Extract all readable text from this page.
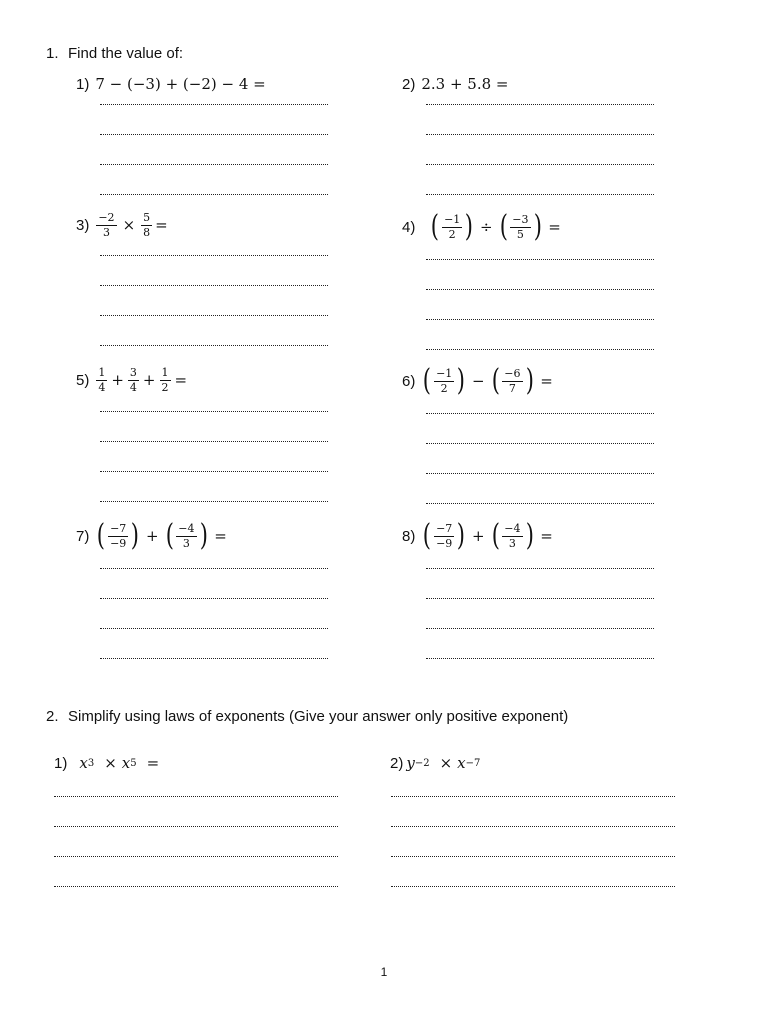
1. Find the value of:
1) 7 − (−3) + (−2) − 4 =	2) 2.3 + 5.8 =
$3) \frac{-2}{3} \times \frac{5}{8}$ =	4) ( $\frac{-1}{2}$ ) ÷ ( $\frac{-3}{5}$ ) =
$5) \frac{1}{4} + \frac{3}{4} + \frac{1}{2}$ =	6) ( $\frac{-1}{2}$ ) − ( $\frac{-6}{7}$ ) =
7) ( $\frac{-7}{-9}$ ) + ( $\frac{-4}{3}$ ) =	8) ( $\frac{-7}{-9}$ ) + ( $\frac{-4}{3}$ ) =
2. Simplify using laws of exponents (Give your answer only positive exponent)
1) x 3 × x 5 =	2) y −2 × x −7
1
